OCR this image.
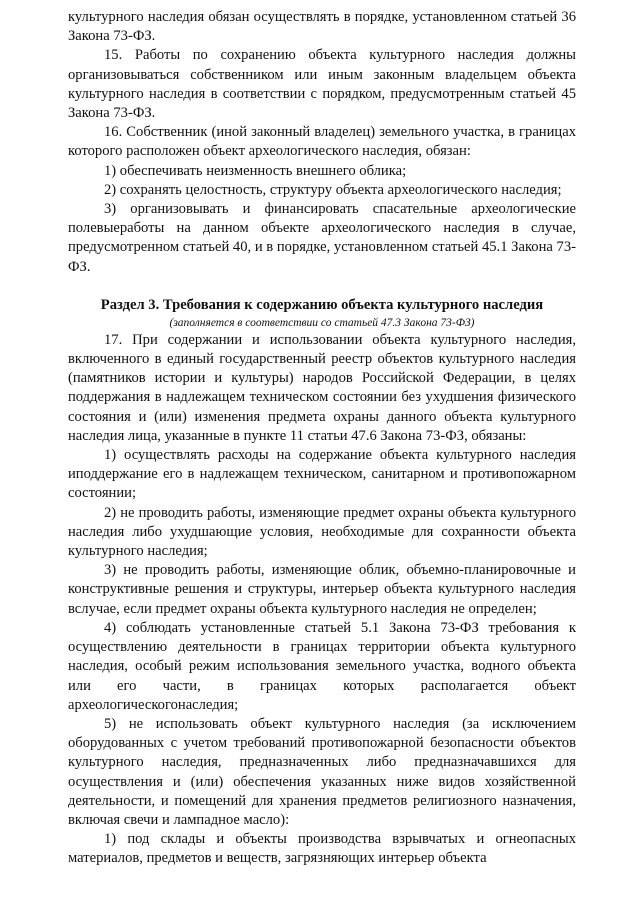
культурного наследия обязан осуществлять в порядке, установленном статьей 36 Закона 73-ФЗ.

15. Работы по сохранению объекта культурного наследия должны организовываться собственником или иным законным владельцем объекта культурного наследия в соответствии с порядком, предусмотренным статьей 45 Закона 73-ФЗ.

16. Собственник (иной законный владелец) земельного участка, в границах которого расположен объект археологического наследия, обязан:

1) обеспечивать неизменность внешнего облика;

2) сохранять целостность, структуру объекта археологического наследия;

3) организовывать и финансировать спасательные археологические полевыеработы на данном объекте археологического наследия в случае, предусмотренном статьей 40, и в порядке, установленном статьей 45.1 Закона 73-ФЗ.

Раздел 3. Требования к содержанию объекта культурного наследия

(заполняется в соответствии со статьей 47.3 Закона 73-ФЗ)

17. При содержании и использовании объекта культурного наследия, включенного в единый государственный реестр объектов культурного наследия (памятников истории и культуры) народов Российской Федерации, в целях поддержания в надлежащем техническом состоянии без ухудшения физического состояния и (или) изменения предмета охраны данного объекта культурного наследия лица, указанные в пункте 11 статьи 47.6 Закона 73-ФЗ, обязаны:

1) осуществлять расходы на содержание объекта культурного наследия иподдержание его в надлежащем техническом, санитарном и противопожарном состоянии;

2) не проводить работы, изменяющие предмет охраны объекта культурного наследия либо ухудшающие условия, необходимые для сохранности объекта культурного наследия;

3) не проводить работы, изменяющие облик, объемно-планировочные и конструктивные решения и структуры, интерьер объекта культурного наследия вслучае, если предмет охраны объекта культурного наследия не определен;

4) соблюдать установленные статьей 5.1 Закона 73-ФЗ требования к осуществлению деятельности в границах территории объекта культурного наследия, особый режим использования земельного участка, водного объекта или его части, в границах которых располагается объект археологическогонаследия;

5) не использовать объект культурного наследия (за исключением оборудованных с учетом требований противопожарной безопасности объектов культурного наследия, предназначенных либо предназначавшихся для осуществления и (или) обеспечения указанных ниже видов хозяйственной деятельности, и помещений для хранения предметов религиозного назначения, включая свечи и лампадное масло):

1) под склады и объекты производства взрывчатых и огнеопасных материалов, предметов и веществ, загрязняющих интерьер объекта
